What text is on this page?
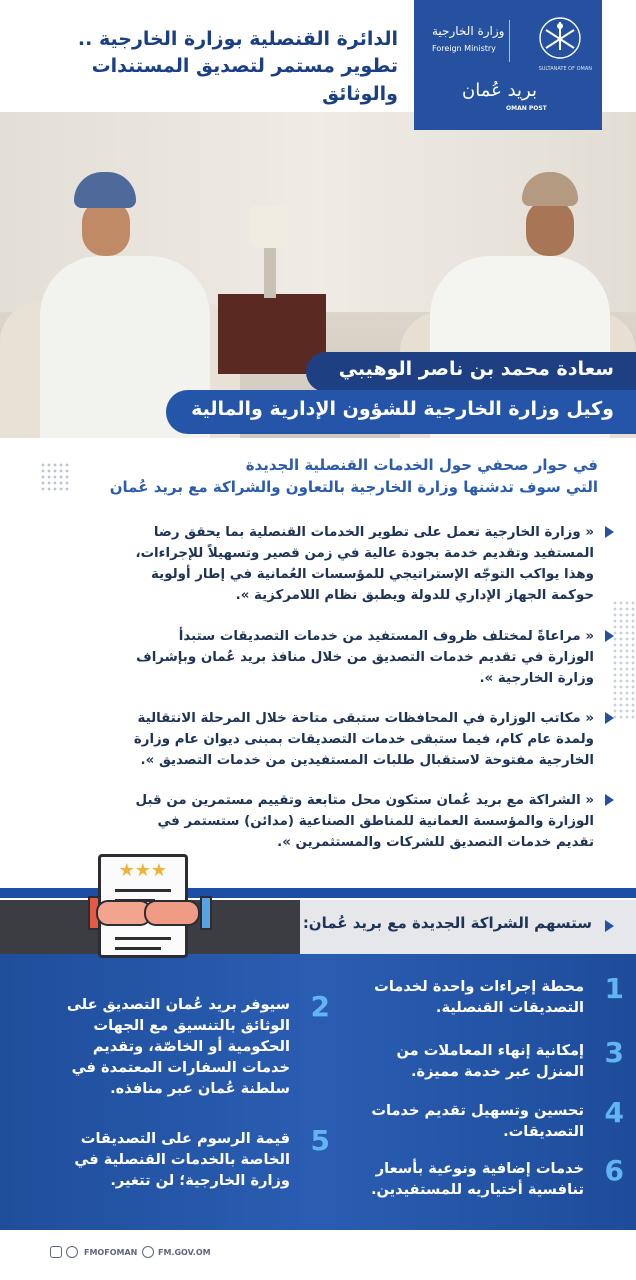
الدائرة القنصلية بوزارة الخارجية ..
تطوير مستمر لتصديق المستندات والوثائق
SULTANATE OF OMAN
وزارة الخارجية
Foreign Ministry
بريد عُمان
OMAN POST
سعادة محمد بن ناصر الوهيبي
وكيل وزارة الخارجية للشؤون الإدارية والمالية
في حوار صحفي حول الخدمات القنصلية الجديدة
التي سوف تدشنها وزارة الخارجية بالتعاون والشراكة مع بريد عُمان
« وزارة الخارجية تعمل على تطوير الخدمات القنصلية بما يحقق رضا
المستفيد وتقديم خدمة بجودة عالية في زمن قصير وتسهيلاً للإجراءات،
وهذا يواكب التوجّه الإستراتيجي للمؤسسات العُمانية في إطار أولوية
حوكمة الجهاز الإداري للدولة ويطبق نظام اللامركزية ».
« مراعاةً لمختلف ظروف المستفيد من خدمات التصديقات ستبدأ
الوزارة في تقديم خدمات التصديق من خلال منافذ بريد عُمان وبإشراف
وزارة الخارجية ».
« مكاتب الوزارة في المحافظات ستبقى متاحة خلال المرحلة الانتقالية
ولمدة عام كام، فيما ستبقى خدمات التصديقات بمبنى ديوان عام وزارة
الخارجية مفتوحة لاستقبال طلبات المستفيدين من خدمات التصديق ».
« الشراكة مع بريد عُمان ستكون محل متابعة وتقييم مستمرين من قبل
الوزارة والمؤسسة العمانية للمناطق الصناعية (مدائن) ستستمر في
تقديم خدمات التصديق للشركات والمستثمرين ».
ستسهم الشراكة الجديدة مع بريد عُمان:
★★★
1
محطة إجراءات واحدة لخدمات
التصديقات القنصلية.
3
إمكانية إنهاء المعاملات من
المنزل عبر خدمة مميزة.
4
تحسين وتسهيل تقديم خدمات
التصديقات.
6
خدمات إضافية ونوعية بأسعار
تنافسية أختياريه للمستفيدين.
2
سيوفر بريد عُمان التصديق على
الوثائق بالتنسيق مع الجهات
الحكومية أو الخاصّة، وتقديم
خدمات السفارات المعتمدة في
سلطنة عُمان عبر منافذه.
5
قيمة الرسوم على التصديقات
الخاصة بالخدمات القنصلية في
وزارة الخارجية؛ لن تتغير.
FMOFOMAN	FM.GOV.OM
